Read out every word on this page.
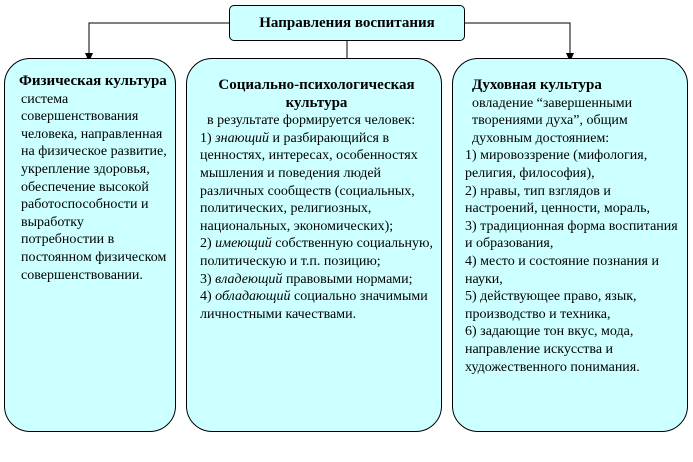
Направления воспитания
Физическая культура
система совершенствования человека, направленная на физическое развитие, укрепление здоровья, обеспечение высокой работоспособности и выработку потребностии в постоянном физическом совершенствовании.
Социально-психологическая культура
в результате формируется человек:
1) знающий и разбирающийся в ценностях, интересах, особенностях мышления и поведения людей различных сообществ (социальных, политических, религиозных, национальных, экономических);
2) имеющий собственную социальную, политическую и т.п. позицию;
3) владеющий правовыми нормами;
4) обладающий социально значимыми личностными качествами.
Духовная культура
овладение “завершенными творениями духа”, общим духовным достоянием:
1) мировоззрение (мифология, религия, философия),
2) нравы, тип взглядов и настроений, ценности, мораль,
3) традиционная форма воспитания и образования,
4) место и состояние познания и науки,
5) действующее право, язык, производство и техника,
6) задающие тон вкус, мода, направление искусства и художественного понимания.
